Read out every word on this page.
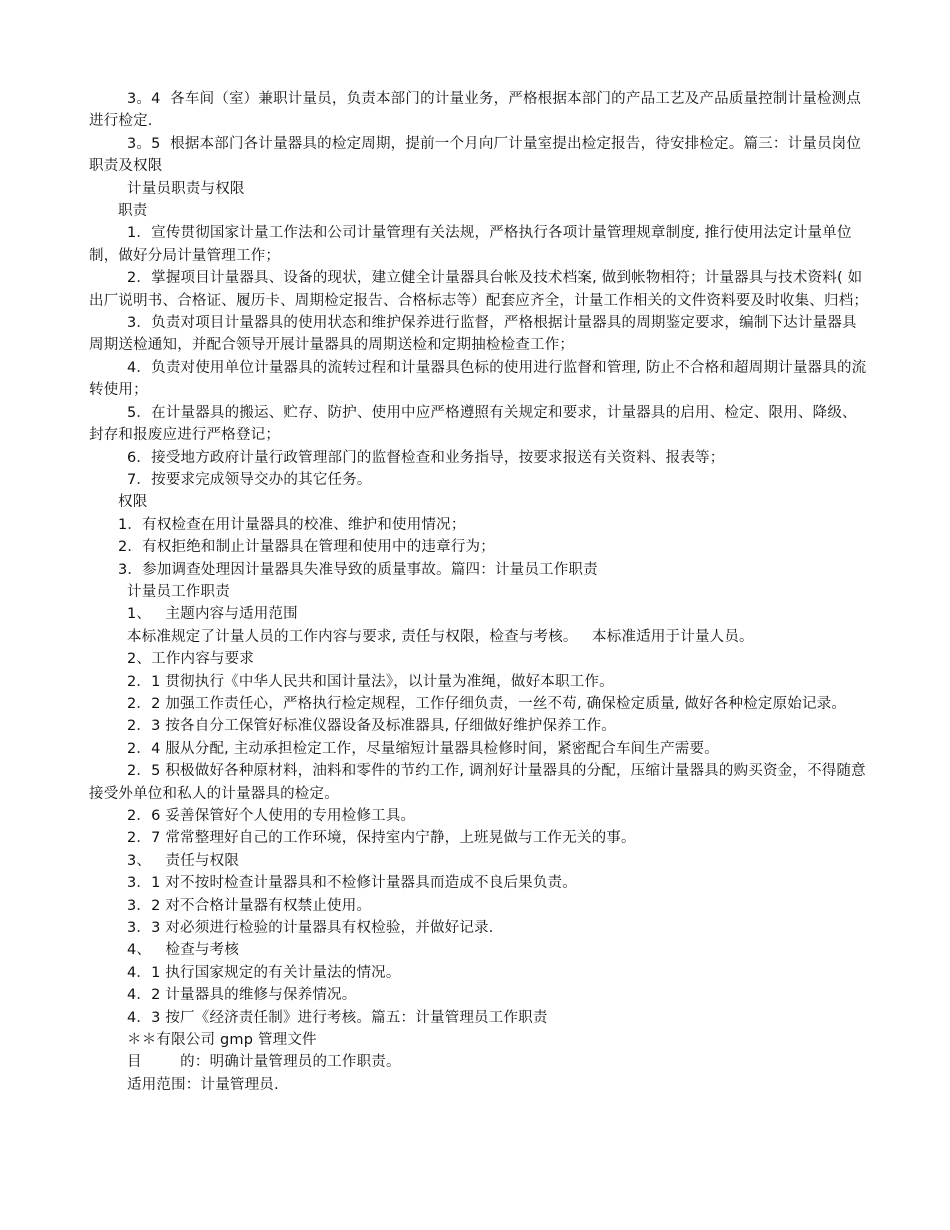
3。4  各车间（室）兼职计量员，负责本部门的计量业务，严格根据本部门的产品工艺及产品质量控制计量检测点进行检定.

3。5  根据本部门各计量器具的检定周期，提前一个月向厂计量室提出检定报告，待安排检定。篇三：计量员岗位职责及权限

计量员职责与权限

职责

1．宣传贯彻国家计量工作法和公司计量管理有关法规，严格执行各项计量管理规章制度, 推行使用法定计量单位制，做好分局计量管理工作；

2．掌握项目计量器具、设备的现状，建立健全计量器具台帐及技术档案, 做到帐物相符；计量器具与技术资料( 如出厂说明书、合格证、履历卡、周期检定报告、合格标志等）配套应齐全，计量工作相关的文件资料要及时收集、归档；

3．负责对项目计量器具的使用状态和维护保养进行监督，严格根据计量器具的周期鉴定要求，编制下达计量器具周期送检通知，并配合领导开展计量器具的周期送检和定期抽检检查工作；

4．负责对使用单位计量器具的流转过程和计量器具色标的使用进行监督和管理, 防止不合格和超周期计量器具的流转使用；

5．在计量器具的搬运、贮存、防护、使用中应严格遵照有关规定和要求，计量器具的启用、检定、限用、降级、封存和报废应进行严格登记；

6．接受地方政府计量行政管理部门的监督检查和业务指导，按要求报送有关资料、报表等；

7．按要求完成领导交办的其它任务。

权限

1．有权检查在用计量器具的校准、维护和使用情况；

2．有权拒绝和制止计量器具在管理和使用中的违章行为；

3．参加调查处理因计量器具失准导致的质量事故。篇四：计量员工作职责

计量员工作职责

1、   主题内容与适用范围

本标准规定了计量人员的工作内容与要求, 责任与权限，检查与考核。   本标准适用于计量人员。

2、工作内容与要求

2．1 贯彻执行《中华人民共和国计量法》，以计量为准绳，做好本职工作。

2．2 加强工作责任心，严格执行检定规程，工作仔细负责，一丝不苟, 确保检定质量, 做好各种检定原始记录。

2．3 按各自分工保管好标准仪器设备及标准器具, 仔细做好维护保养工作。

2．4 服从分配, 主动承担检定工作，尽量缩短计量器具检修时间，紧密配合车间生产需要。

2．5 积极做好各种原材料，油料和零件的节约工作, 调剂好计量器具的分配，压缩计量器具的购买资金，不得随意接受外单位和私人的计量器具的检定。

2．6 妥善保管好个人使用的专用检修工具。

2．7 常常整理好自己的工作环境，保持室内宁静，上班晃做与工作无关的事。

3、   责任与权限

3．1 对不按时检查计量器具和不检修计量器具而造成不良后果负责。

3．2 对不合格计量器有权禁止使用。

3．3 对必须进行检验的计量器具有权检验，并做好记录.

4、   检查与考核

4．1 执行国家规定的有关计量法的情况。

4．2 计量器具的维修与保养情况。

4．3 按厂《经济责任制》进行考核。篇五：计量管理员工作职责

＊＊有限公司 gmp 管理文件

目        的：明确计量管理员的工作职责。

适用范围：计量管理员.
